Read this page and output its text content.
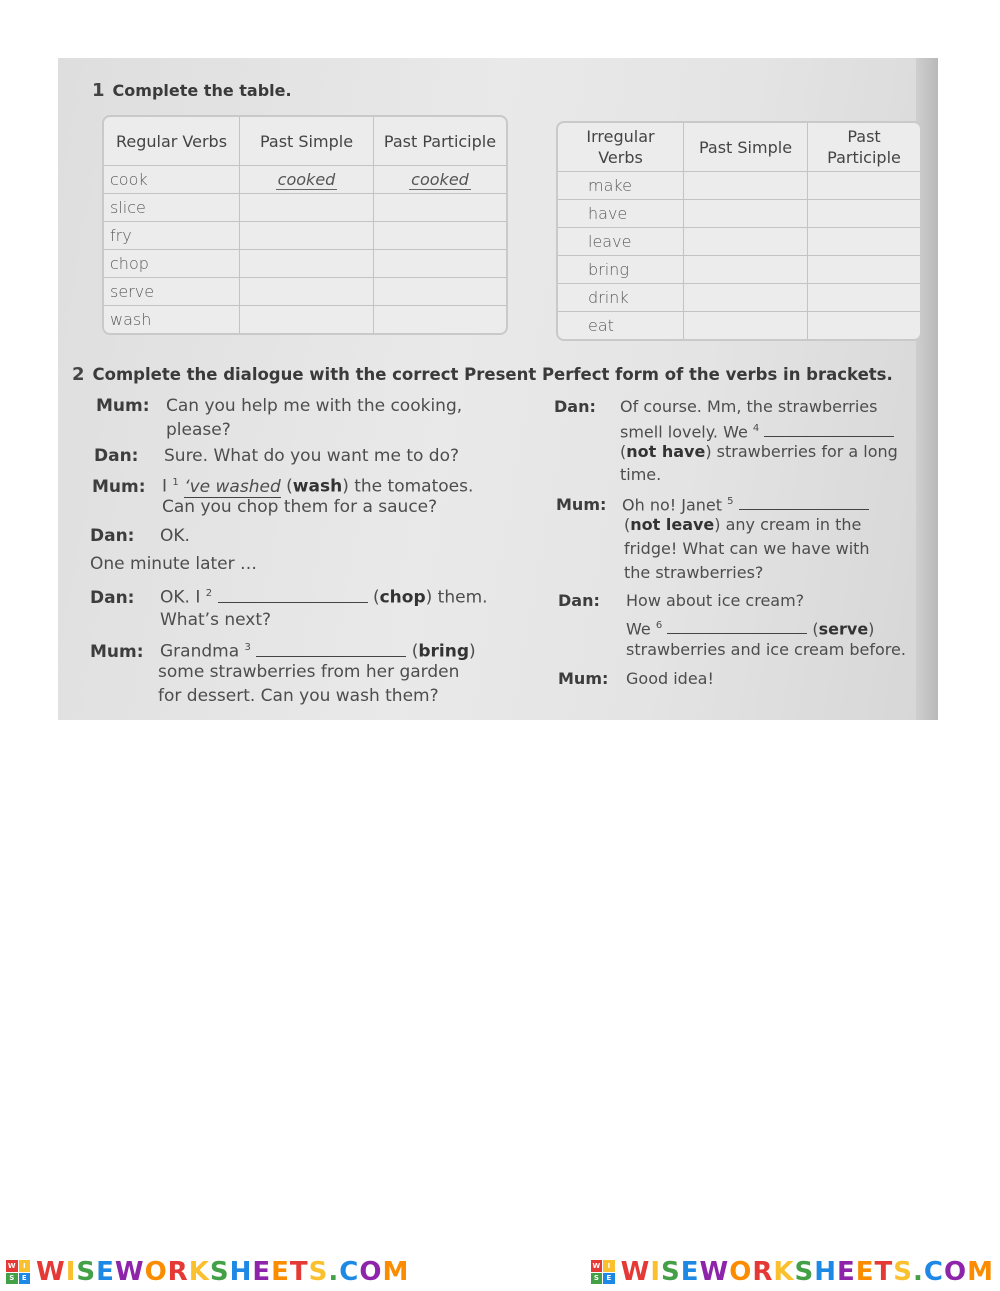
1 Complete the table.
Regular Verbs	Past Simple	Past Participle
cook	cooked	cooked
slice		
fry		
chop		
serve		
wash		
Irregular Verbs	Past Simple	Past Participle
make		
have		
leave		
bring		
drink		
eat		
2 Complete the dialogue with the correct Present Perfect form of the verbs in brackets.
Mum: Can you help me with the cooking,
please?
Dan: Sure. What do you want me to do?
Mum: I $^1$ ‘ve washed (wash) the tomatoes.
Can you chop them for a sauce?
Dan: OK.
One minute later …
Dan: OK. I $^2$	(chop) them.
What’s next?
Mum: Grandma $^3$	(bring)
some strawberries from her garden
for dessert. Can you wash them?
Dan: Of course. Mm, the strawberries
smell lovely. We $^4$
(not have) strawberries for a long
time.
Mum: Oh no! Janet $^5$
(not leave) any cream in the
fridge! What can we have with
the strawberries?
Dan: How about ice cream?
We $^6$	(serve)
strawberries and ice cream before.
Mum: Good idea!
W	I
S	E WISEWORKSHEETS.COM	W	I
S	E WISEWORKSHEETS.COM
